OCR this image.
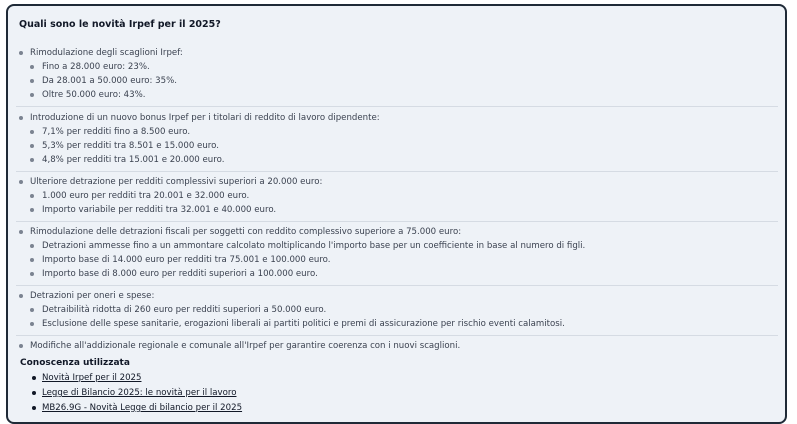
Quali sono le novità Irpef per il 2025?
Rimodulazione degli scaglioni Irpef:
Fino a 28.000 euro: 23%.
Da 28.001 a 50.000 euro: 35%.
Oltre 50.000 euro: 43%.
Introduzione di un nuovo bonus Irpef per i titolari di reddito di lavoro dipendente:
7,1% per redditi fino a 8.500 euro.
5,3% per redditi tra 8.501 e 15.000 euro.
4,8% per redditi tra 15.001 e 20.000 euro.
Ulteriore detrazione per redditi complessivi superiori a 20.000 euro:
1.000 euro per redditi tra 20.001 e 32.000 euro.
Importo variabile per redditi tra 32.001 e 40.000 euro.
Rimodulazione delle detrazioni fiscali per soggetti con reddito complessivo superiore a 75.000 euro:
Detrazioni ammesse fino a un ammontare calcolato moltiplicando l'importo base per un coefficiente in base al numero di figli.
Importo base di 14.000 euro per redditi tra 75.001 e 100.000 euro.
Importo base di 8.000 euro per redditi superiori a 100.000 euro.
Detrazioni per oneri e spese:
Detraibilità ridotta di 260 euro per redditi superiori a 50.000 euro.
Esclusione delle spese sanitarie, erogazioni liberali ai partiti politici e premi di assicurazione per rischio eventi calamitosi.
Modifiche all'addizionale regionale e comunale all'Irpef per garantire coerenza con i nuovi scaglioni.
Conoscenza utilizzata
Novità Irpef per il 2025
Legge di Bilancio 2025: le novità per il lavoro
MB26.9G - Novità Legge di bilancio per il 2025
